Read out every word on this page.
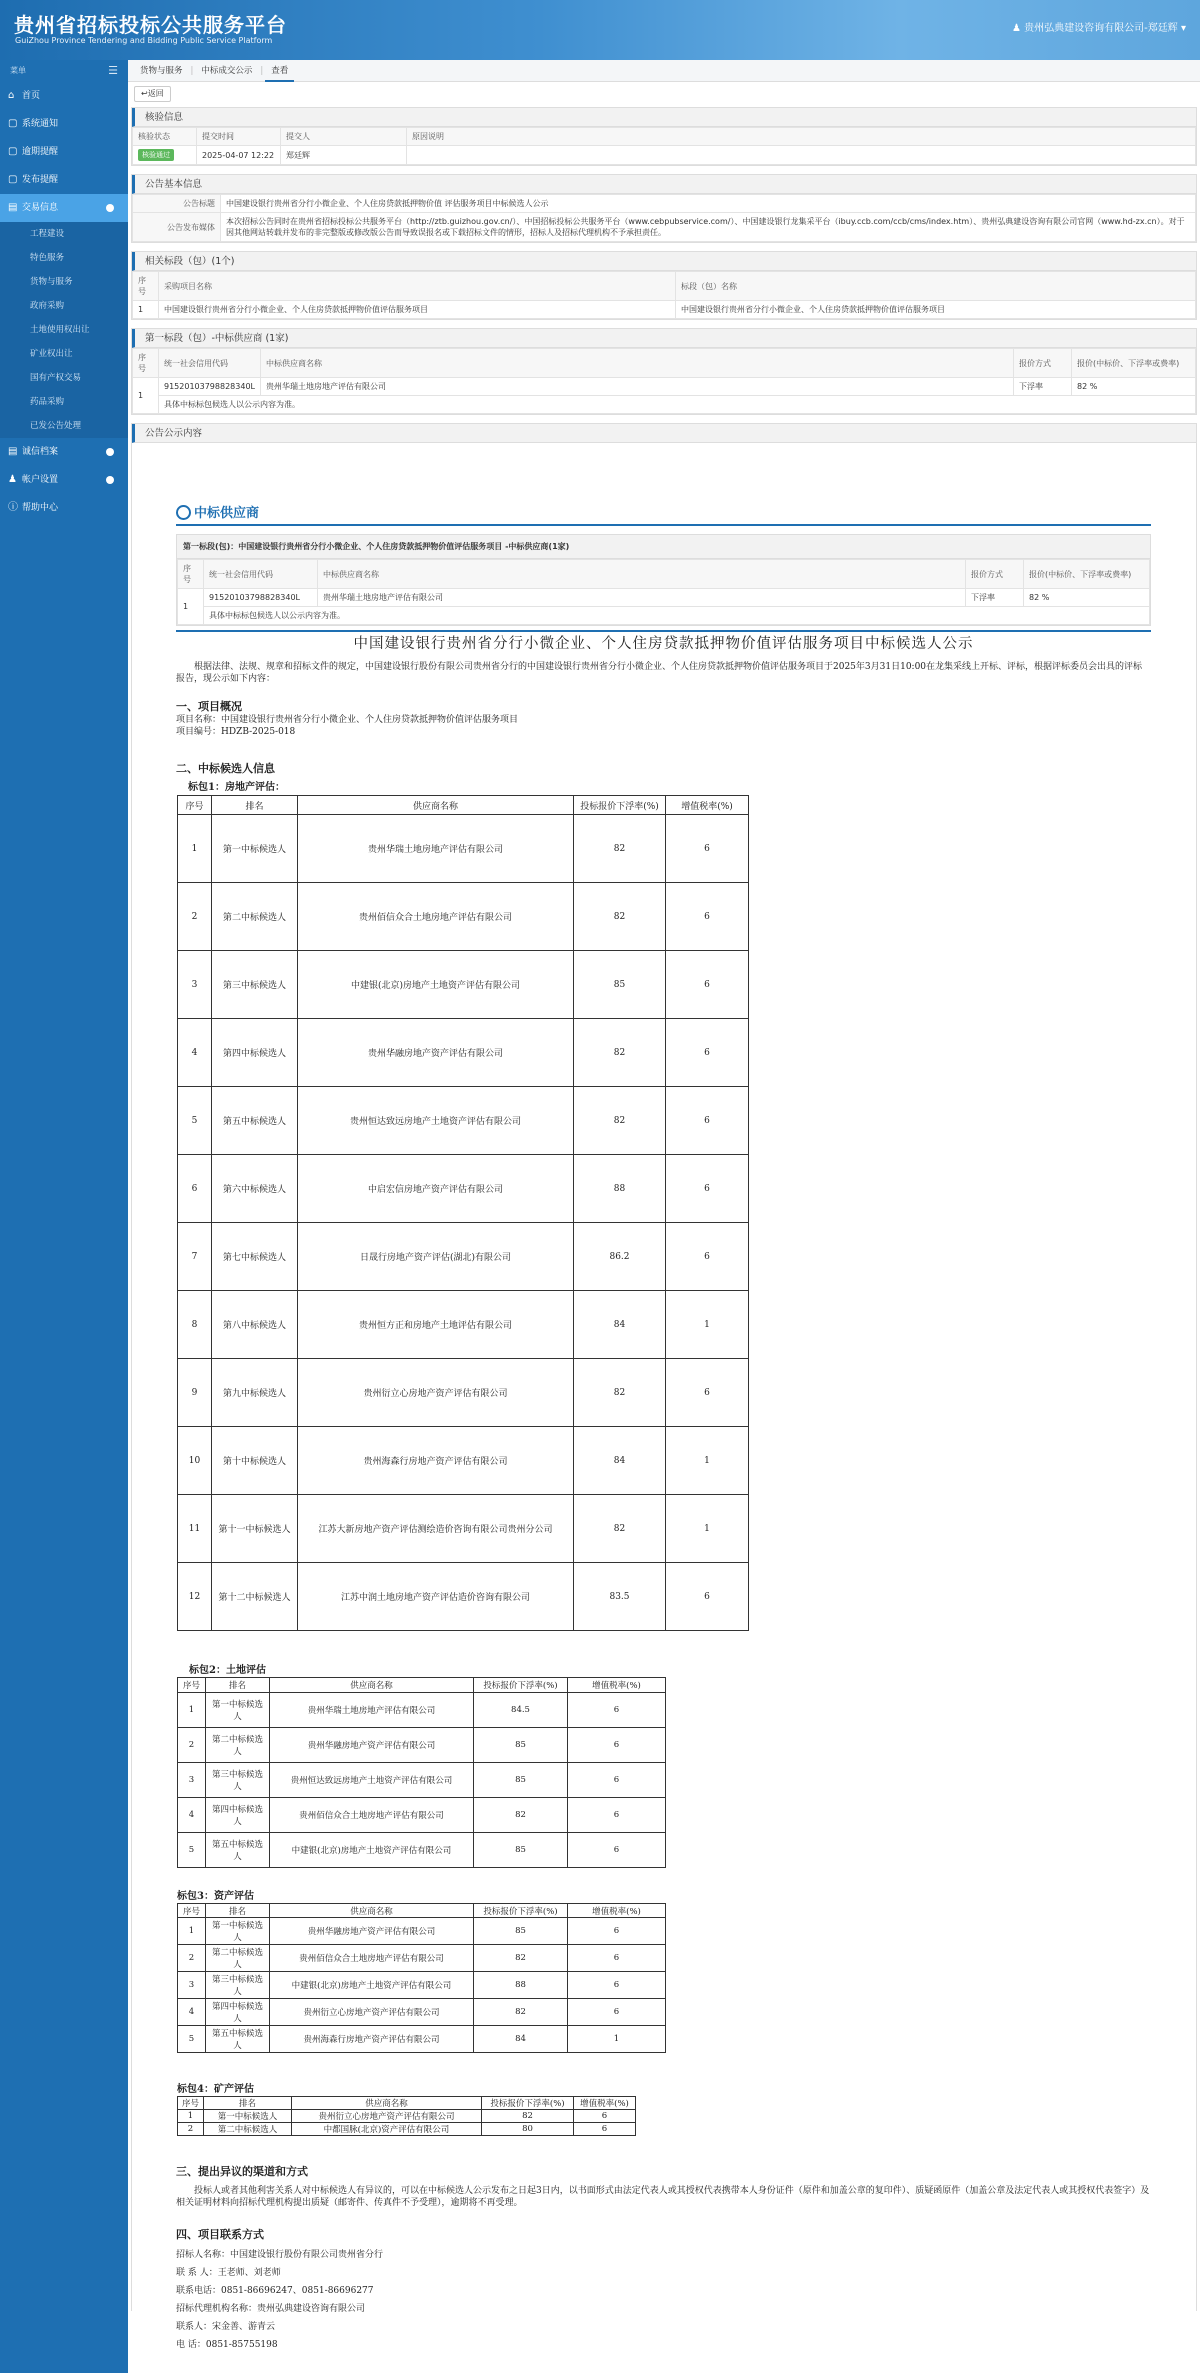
贵州省招标投标公共服务平台
GuiZhou Province Tendering and Bidding Public Service Platform
♟ 贵州弘典建设咨询有限公司-郑廷辉 ▾
菜单	☰
⌂ 首页
▢ 系统通知
▢ 逾期提醒
▢ 发布提醒
▤ 交易信息
工程建设
特色服务
货物与服务
政府采购
土地使用权出让
矿业权出让
国有产权交易
药品采购
已发公告处理
▤ 诚信档案
♟ 帐户设置
ⓘ 帮助中心
货物与服务 | 中标成交公示 | 查看
↩返回
核验信息
核验状态	提交时间	提交人	原因说明
核验通过	2025-04-07 12:22	郑廷辉	
公告基本信息
公告标题	中国建设银行贵州省分行小微企业、个人住房贷款抵押物价值 评估服务项目中标候选人公示
公告发布媒体	本次招标公告同时在贵州省招标投标公共服务平台（http://ztb.guizhou.gov.cn/）、中国招标投标公共服务平台（www.cebpubservice.com/）、中国建设银行龙集采平台（ibuy.ccb.com/ccb/cms/index.htm）、贵州弘典建设咨询有限公司官网（www.hd-zx.cn）。对于因其他网站转载并发布的非完整版或修改版公告而导致误报名或下载招标文件的情形，招标人及招标代理机构不予承担责任。
相关标段（包）(1个)
序号	采购项目名称	标段（包）名称
1	中国建设银行贵州省分行小微企业、个人住房贷款抵押物价值评估服务项目	中国建设银行贵州省分行小微企业、个人住房贷款抵押物价值评估服务项目
第一标段（包）-中标供应商 (1家)
序号	统一社会信用代码	中标供应商名称	报价方式	报价(中标价、下浮率或费率)
1	91520103798828340L	贵州华瑞土地房地产评估有限公司	下浮率	82 %
	具体中标标包候选人以公示内容为准。			
公告公示内容
中标供应商
第一标段(包)：中国建设银行贵州省分行小微企业、个人住房贷款抵押物价值评估服务项目 -中标供应商(1家)
序号	统一社会信用代码	中标供应商名称	报价方式	报价(中标价、下浮率或费率)
1	91520103798828340L	贵州华瑞土地房地产评估有限公司	下浮率	82 %
	具体中标标包候选人以公示内容为准。			
中国建设银行贵州省分行小微企业、个人住房贷款抵押物价值评估服务项目中标候选人公示
根据法律、法规、规章和招标文件的规定，中国建设银行股份有限公司贵州省分行的中国建设银行贵州省分行小微企业、个人住房贷款抵押物价值评估服务项目于2025年3月31日10:00在龙集采线上开标、评标，根据评标委员会出具的评标报告，现公示如下内容：
一、项目概况
项目名称：中国建设银行贵州省分行小微企业、个人住房贷款抵押物价值评估服务项目
项目编号：HDZB-2025-018
二、中标候选人信息
标包1：房地产评估：
序号	排名	供应商名称	投标报价下浮率(%)	增值税率(%)
1	第一中标候选人	贵州华瑞土地房地产评估有限公司	82	6
2	第二中标候选人	贵州佰信众合土地房地产评估有限公司	82	6
3	第三中标候选人	中建银(北京)房地产土地资产评估有限公司	85	6
4	第四中标候选人	贵州华融房地产资产评估有限公司	82	6
5	第五中标候选人	贵州恒达致远房地产土地资产评估有限公司	82	6
6	第六中标候选人	中启宏信房地产资产评估有限公司	88	6
7	第七中标候选人	日晟行房地产资产评估(湖北)有限公司	86.2	6
8	第八中标候选人	贵州恒方正和房地产土地评估有限公司	84	1
9	第九中标候选人	贵州衍立心房地产资产评估有限公司	82	6
10	第十中标候选人	贵州海森行房地产资产评估有限公司	84	1
11	第十一中标候选人	江苏大新房地产资产评估测绘造价咨询有限公司贵州分公司	82	1
12	第十二中标候选人	江苏中润土地房地产资产评估造价咨询有限公司	83.5	6
标包2：土地评估
序号	排名	供应商名称	投标报价下浮率(%)	增值税率(%)
1	第一中标候选人	贵州华瑞土地房地产评估有限公司	84.5	6
2	第二中标候选人	贵州华融房地产资产评估有限公司	85	6
3	第三中标候选人	贵州恒达致远房地产土地资产评估有限公司	85	6
4	第四中标候选人	贵州佰信众合土地房地产评估有限公司	82	6
5	第五中标候选人	中建银(北京)房地产土地资产评估有限公司	85	6
标包3：资产评估
序号	排名	供应商名称	投标报价下浮率(%)	增值税率(%)
1	第一中标候选人	贵州华融房地产资产评估有限公司	85	6
2	第二中标候选人	贵州佰信众合土地房地产评估有限公司	82	6
3	第三中标候选人	中建银(北京)房地产土地资产评估有限公司	88	6
4	第四中标候选人	贵州衍立心房地产资产评估有限公司	82	6
5	第五中标候选人	贵州海森行房地产资产评估有限公司	84	1
标包4：矿产评估
序号	排名	供应商名称	投标报价下浮率(%)	增值税率(%)
1	第一中标候选人	贵州衍立心房地产资产评估有限公司	82	6
2	第二中标候选人	中都国脉(北京)资产评估有限公司	80	6
三、提出异议的渠道和方式
投标人或者其他利害关系人对中标候选人有异议的，可以在中标候选人公示发布之日起3日内，以书面形式由法定代表人或其授权代表携带本人身份证件（原件和加盖公章的复印件）、质疑函原件（加盖公章及法定代表人或其授权代表签字）及相关证明材料向招标代理机构提出质疑（邮寄件、传真件不予受理），逾期将不再受理。
四、项目联系方式
招标人名称：中国建设银行股份有限公司贵州省分行
联 系 人：王老师、刘老师
联系电话：0851-86696247、0851-86696277
招标代理机构名称：贵州弘典建设咨询有限公司
联系人：宋金善、游青云
电 话：0851-85755198
